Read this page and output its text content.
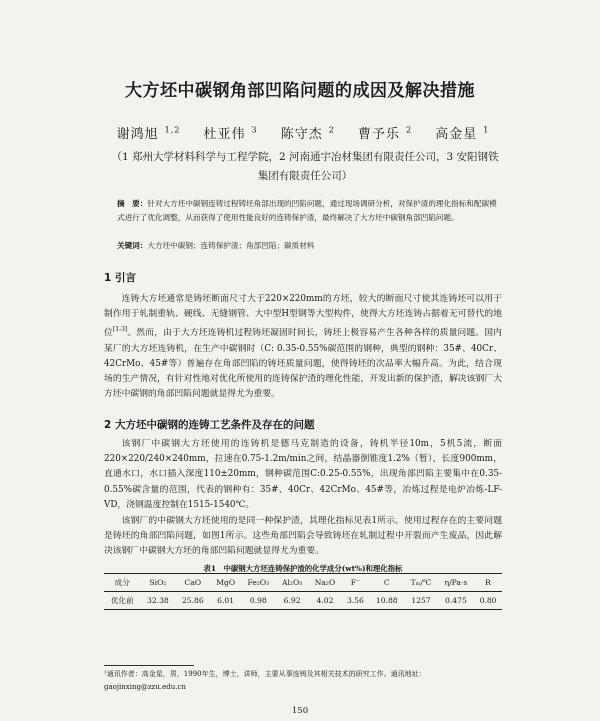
大方坯中碳钢角部凹陷问题的成因及解决措施
谢鸿旭 $^{1,2}$ 杜亚伟 $^3$ 陈守杰 $^2$ 曹予乐 $^2$ 高金星 $^1$
（1 郑州大学材料科学与工程学院，2 河南通宇冶材集团有限责任公司，3 安阳钢铁集团有限责任公司）
摘　要：针对大方坯中碳钢连铸过程铸坯角部出现的凹陷问题，通过现场调研分析，对保护渣的理化指标和配碳模式进行了优化调整，从而获得了使用性能良好的连铸保护渣，最终解决了大方坯中碳钢角部凹陷问题。
关键词：大方坯中碳钢；连铸保护渣；角部凹陷；碳质材料
1 引言

连铸大方坯通常是铸坯断面尺寸大于220×220mm的方坯，较大的断面尺寸使其连铸坯可以用于制作用于轧制重轨、硬线、无缝钢管、大中型H型钢等大型构件，使得大方坯连铸占据着无可替代的地位[1-3]。然而，由于大方坯连铸机过程铸坯凝固时间长，铸坯上极容易产生各种各样的质量问题。国内某厂的大方坯连铸机，在生产中碳钢时（C: 0.35-0.55%碳范围的钢种，典型的钢种：35#、40Cr、42CrMo、45#等）普遍存在角部凹陷的铸坯质量问题，使得铸坯的次品率大幅升高。为此，结合现场的生产情况，有针对性地对优化所使用的连铸保护渣的理化性能，开发出新的保护渣，解决该钢厂大方坯中碳钢的角部凹陷问题就显得尤为重要。

2 大方坯中碳钢的连铸工艺条件及存在的问题

该钢厂中碳钢大方坯使用的连铸机是德马克制造的设备，铸机半径10m，5机5流，断面220×220/240×240mm，拉速在0.75-1.2m/min之间，结晶器倒锥度1.2%（暂），长度900mm，直通水口，水口插入深度110±20mm，钢种碳范围C:0.25-0.55%，出现角部凹陷主要集中在0.35-0.55%碳含量的范围，代表的钢种有：35#、40Cr、42CrMo、45#等，冶炼过程是电炉冶炼-LF-VD，浇钢温度控制在1515-1540℃。

该钢厂的中碳钢大方坯使用的是同一种保护渣，其理化指标见表1所示。使用过程存在的主要问题是铸坯的角部凹陷问题，如图1所示。这些角部凹陷会导致铸坯在轧制过程中开裂而产生废品，因此解决该钢厂中碳钢大方坯的角部凹陷问题就显得尤为重要。

表1　中碳钢大方坯连铸保护渣的化学成分(wt%)和理化指标
成分	SiO₂	CaO	MgO	Fe₂O₃	Al₂O₃	Na₂O	F⁻	C	Tₘ/℃	η/Pa·s	R
优化前	32.38	25.86	6.01	0.98	6.92	4.02	3.56	10.88	1257	0.475	0.80
¹通讯作者：高金星，男，1990年生，博士，讲师，主要从事连铸及其相关技术的研究工作。通讯地址：gaojinxing@zzu.edu.cn
150
